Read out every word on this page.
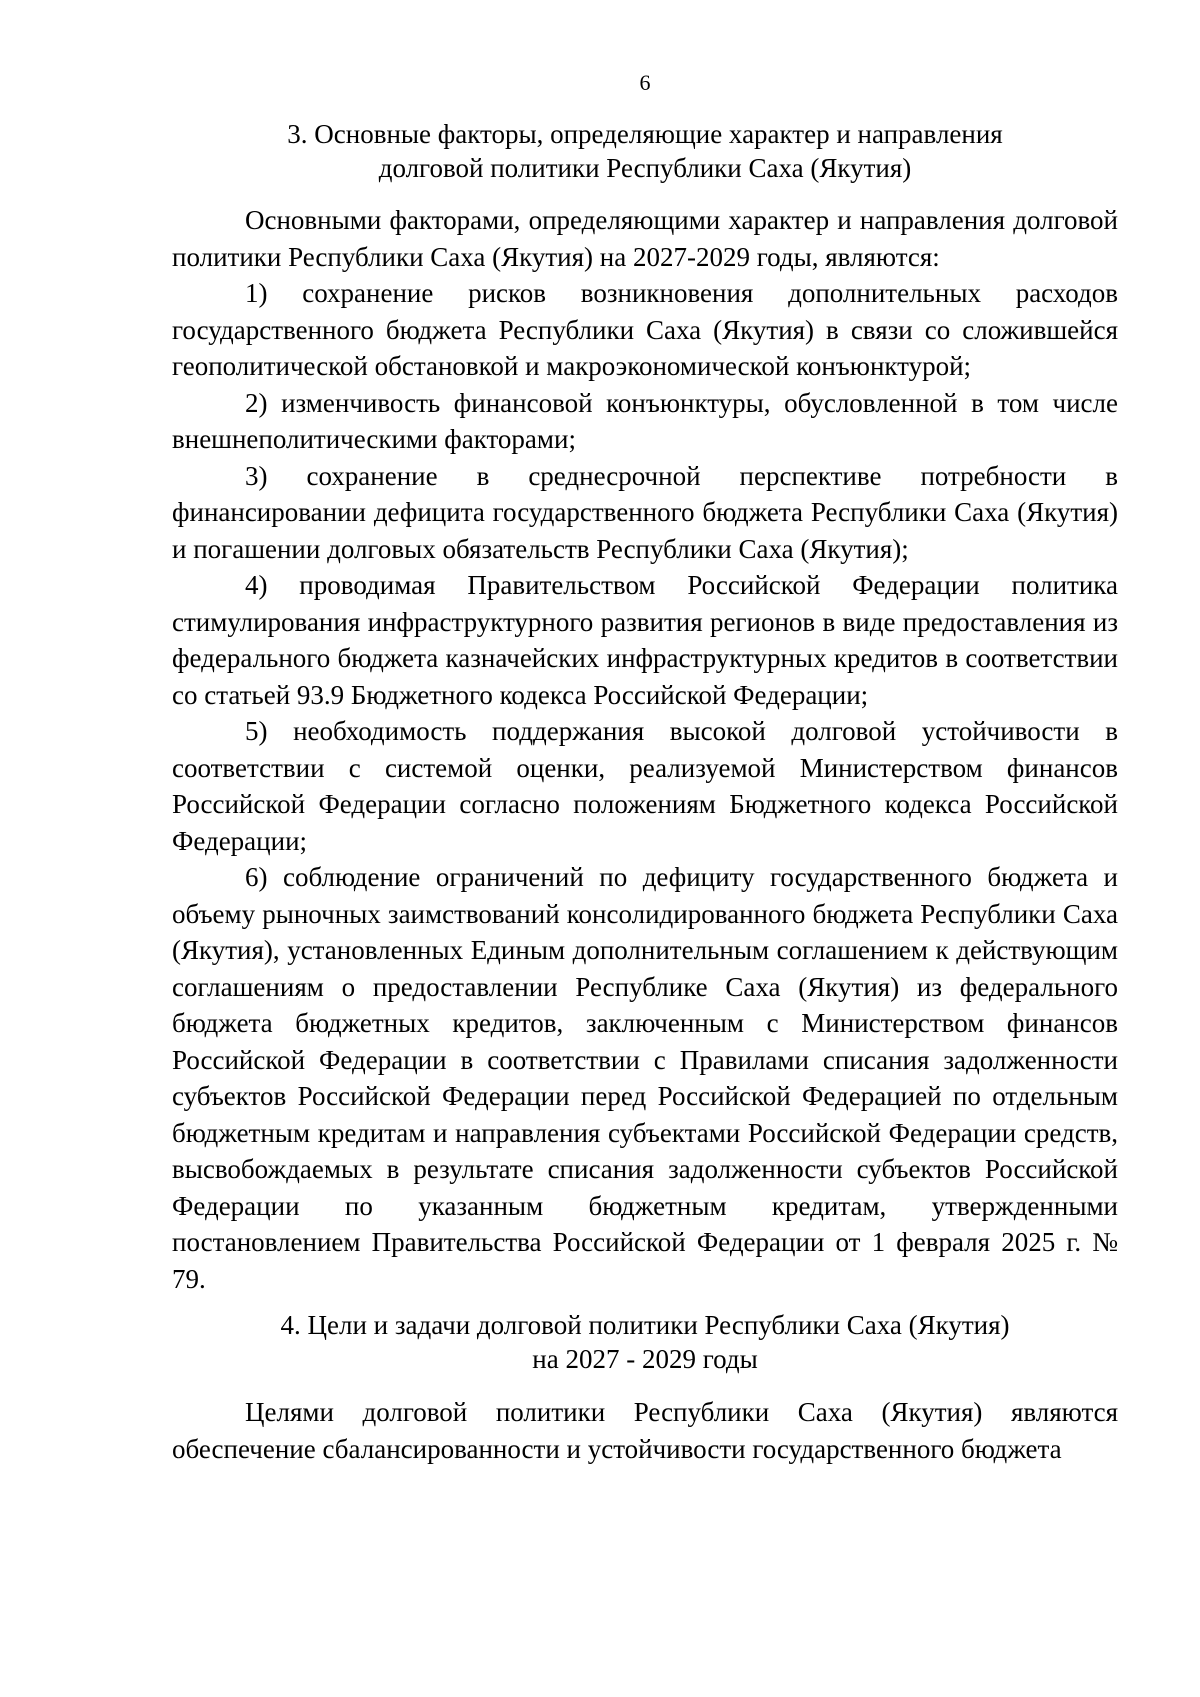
6
3. Основные факторы, определяющие характер и направления
долговой политики Республики Саха (Якутия)

Основными факторами, определяющими характер и направления долговой политики Республики Саха (Якутия) на 2027-2029 годы, являются:

1) сохранение рисков возникновения дополнительных расходов государственного бюджета Республики Саха (Якутия) в связи со сложившейся геополитической обстановкой и макроэкономической конъюнктурой;

2) изменчивость финансовой конъюнктуры, обусловленной в том числе внешнеполитическими факторами;

3) сохранение в среднесрочной перспективе потребности в финансировании дефицита государственного бюджета Республики Саха (Якутия) и погашении долговых обязательств Республики Саха (Якутия);

4) проводимая Правительством Российской Федерации политика стимулирования инфраструктурного развития регионов в виде предоставления из федерального бюджета казначейских инфраструктурных кредитов в соответствии со статьей 93.9 Бюджетного кодекса Российской Федерации;

5) необходимость поддержания высокой долговой устойчивости в соответствии с системой оценки, реализуемой Министерством финансов Российской Федерации согласно положениям Бюджетного кодекса Российской Федерации;

6) соблюдение ограничений по дефициту государственного бюджета и объему рыночных заимствований консолидированного бюджета Республики Саха (Якутия), установленных Единым дополнительным соглашением к действующим соглашениям о предоставлении Республике Саха (Якутия) из федерального бюджета бюджетных кредитов, заключенным с Министерством финансов Российской Федерации в соответствии с Правилами списания задолженности субъектов Российской Федерации перед Российской Федерацией по отдельным бюджетным кредитам и направления субъектами Российской Федерации средств, высвобождаемых в результате списания задолженности субъектов Российской Федерации по указанным бюджетным кредитам, утвержденными постановлением Правительства Российской Федерации от 1 февраля 2025 г. № 79.

4. Цели и задачи долговой политики Республики Саха (Якутия)
на 2027 - 2029 годы

Целями долговой политики Республики Саха (Якутия) являются обеспечение сбалансированности и устойчивости государственного бюджета
